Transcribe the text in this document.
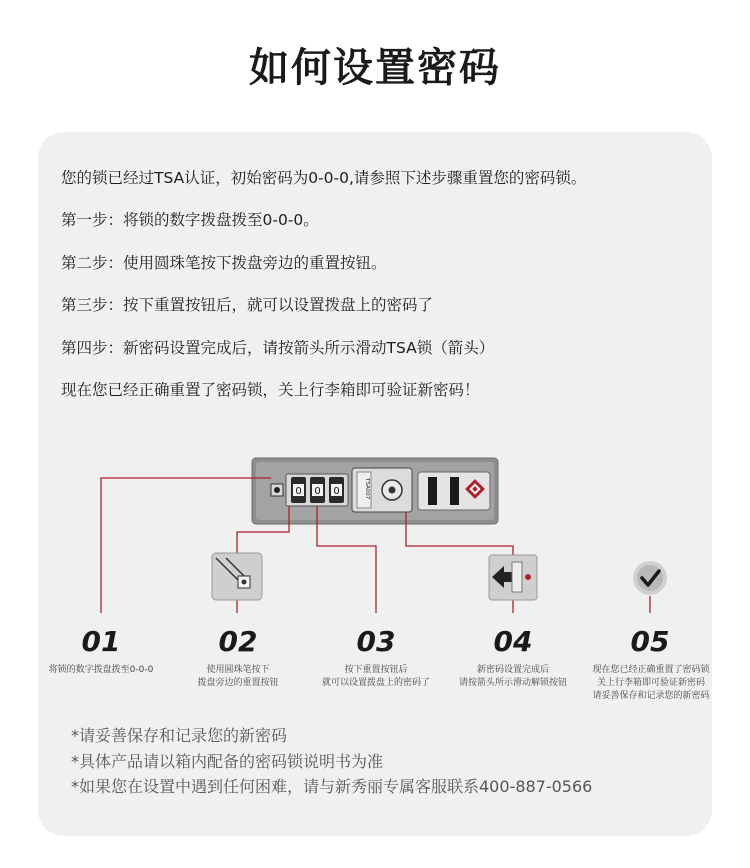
如何设置密码
您的锁已经过TSA认证，初始密码为0-0-0,请参照下述步骤重置您的密码锁。
第一步：将锁的数字拨盘拨至0-0-0。
第二步：使用圆珠笔按下拨盘旁边的重置按钮。
第三步：按下重置按钮后，就可以设置拨盘上的密码了
第四步：新密码设置完成后，请按箭头所示滑动TSA锁（箭头）
现在您已经正确重置了密码锁，关上行李箱即可验证新密码！
0 0 0	TSA007
01	02	03	04	05
将锁的数字拨盘拨至0-0-0	使用圆珠笔按下
拨盘旁边的重置按钮
按下重置按钮后
就可以设置拨盘上的密码了
新密码设置完成后
请按箭头所示滑动解锁按钮
现在您已经正确重置了密码锁
关上行李箱即可验证新密码
请妥善保存和记录您的新密码
*请妥善保存和记录您的新密码
*具体产品请以箱内配备的密码锁说明书为准
*如果您在设置中遇到任何困难，请与新秀丽专属客服联系400-887-0566
